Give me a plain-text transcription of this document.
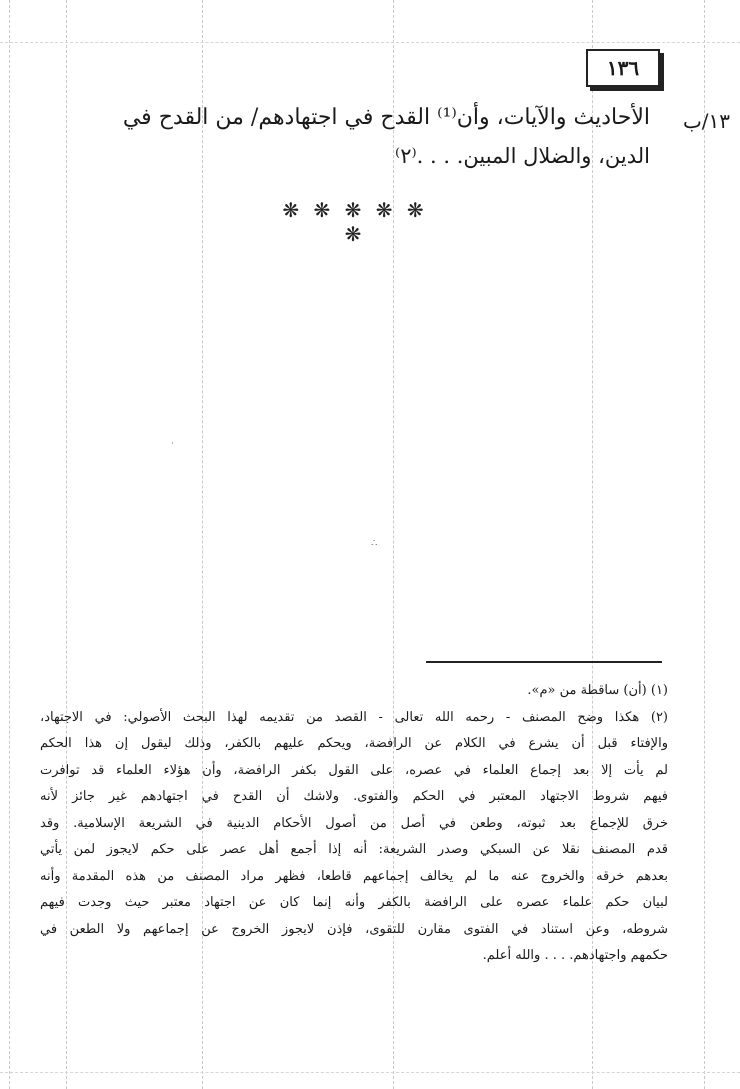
١٣٦
١٣/ب
الأحاديث والآيات، وأن⁽¹⁾ القدح في اجتهادهم/ من القدح في
الدين، والضلال المبين. . . .⁽٢⁾
❋ ❋ ❋ ❋ ❋ ❋
˙
∴
(١) (أن) ساقطة من «م».
(٢) هكذا وضح المصنف - رحمه الله تعالى - القصد من تقديمه لهذا البحث الأصولي: في الاجتهاد،
والإفتاء قبل أن يشرع في الكلام عن الرافضة، ويحكم عليهم بالكفر، وذلك ليقول إن هذا الحكم
لم يأت إلا بعد إجماع العلماء في عصره، على القول بكفر الرافضة، وأن هؤلاء العلماء قد توافرت
فيهم شروط الاجتهاد المعتبر في الحكم والفتوى. ولاشك أن القدح في اجتهادهم غير جائز لأنه
خرق للإجماع بعد ثبوته، وطعن في أصل من أصول الأحكام الدينية في الشريعة الإسلامية. وقد
قدم المصنف نقلا عن السبكي وصدر الشريعة: أنه إذا أجمع أهل عصر على حكم لايجوز لمن يأتي
بعدهم خرقه والخروج عنه ما لم يخالف إجماعهم قاطعا، فظهر مراد المصنف من هذه المقدمة وأنه
لبيان حكم علماء عصره على الرافضة بالكفر وأنه إنما كان عن اجتهاد معتبر حيث وجدت فيهم
شروطه، وعن استناد في الفتوى مقارن للتقوى، فإذن لايجوز الخروج عن إجماعهم ولا الطعن في
حكمهم واجتهادهم. . . . والله أعلم.
